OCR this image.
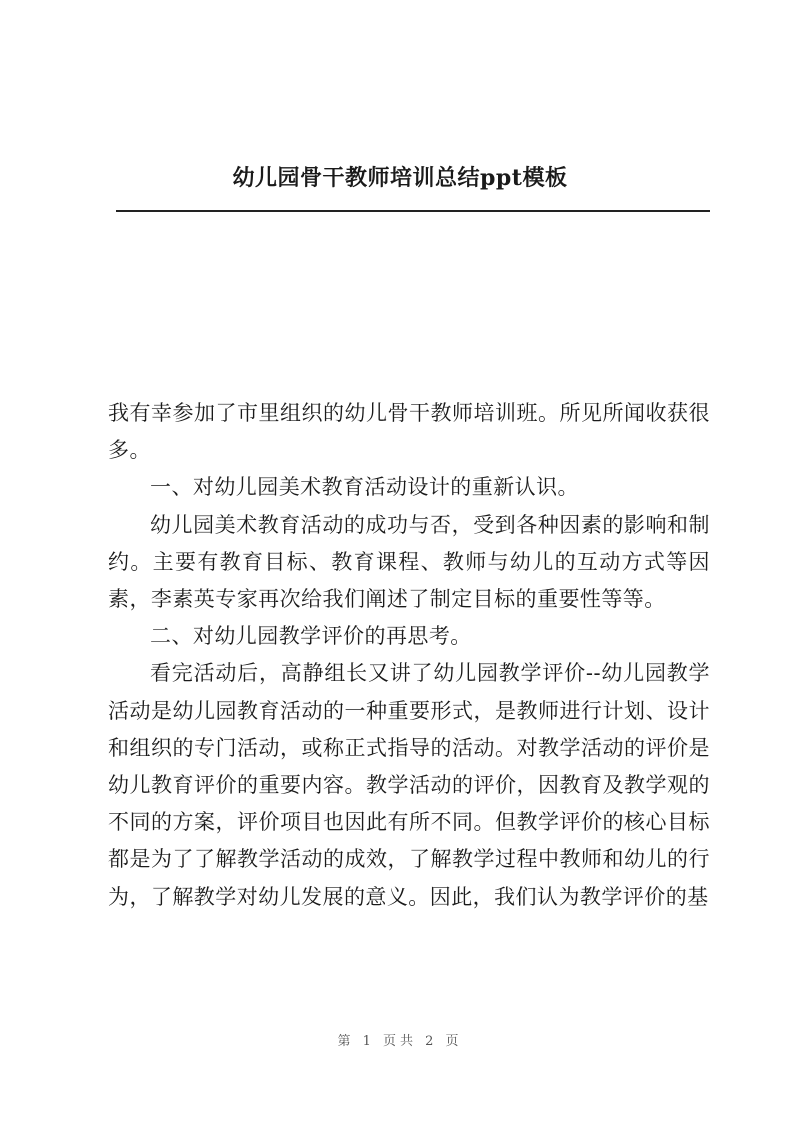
幼儿园骨干教师培训总结ppt模板

我有幸参加了市里组织的幼儿骨干教师培训班。所见所闻收获很多。

一、对幼儿园美术教育活动设计的重新认识。

幼儿园美术教育活动的成功与否，受到各种因素的影响和制约。主要有教育目标、教育课程、教师与幼儿的互动方式等因素，李素英专家再次给我们阐述了制定目标的重要性等等。

二、对幼儿园教学评价的再思考。

看完活动后，高静组长又讲了幼儿园教学评价--幼儿园教学活动是幼儿园教育活动的一种重要形式，是教师进行计划、设计和组织的专门活动，或称正式指导的活动。对教学活动的评价是幼儿教育评价的重要内容。教学活动的评价，因教育及教学观的不同的方案，评价项目也因此有所不同。但教学评价的核心目标都是为了了解教学活动的成效，了解教学过程中教师和幼儿的行为，了解教学对幼儿发展的意义。因此，我们认为教学评价的基

第 1 页共 2 页
